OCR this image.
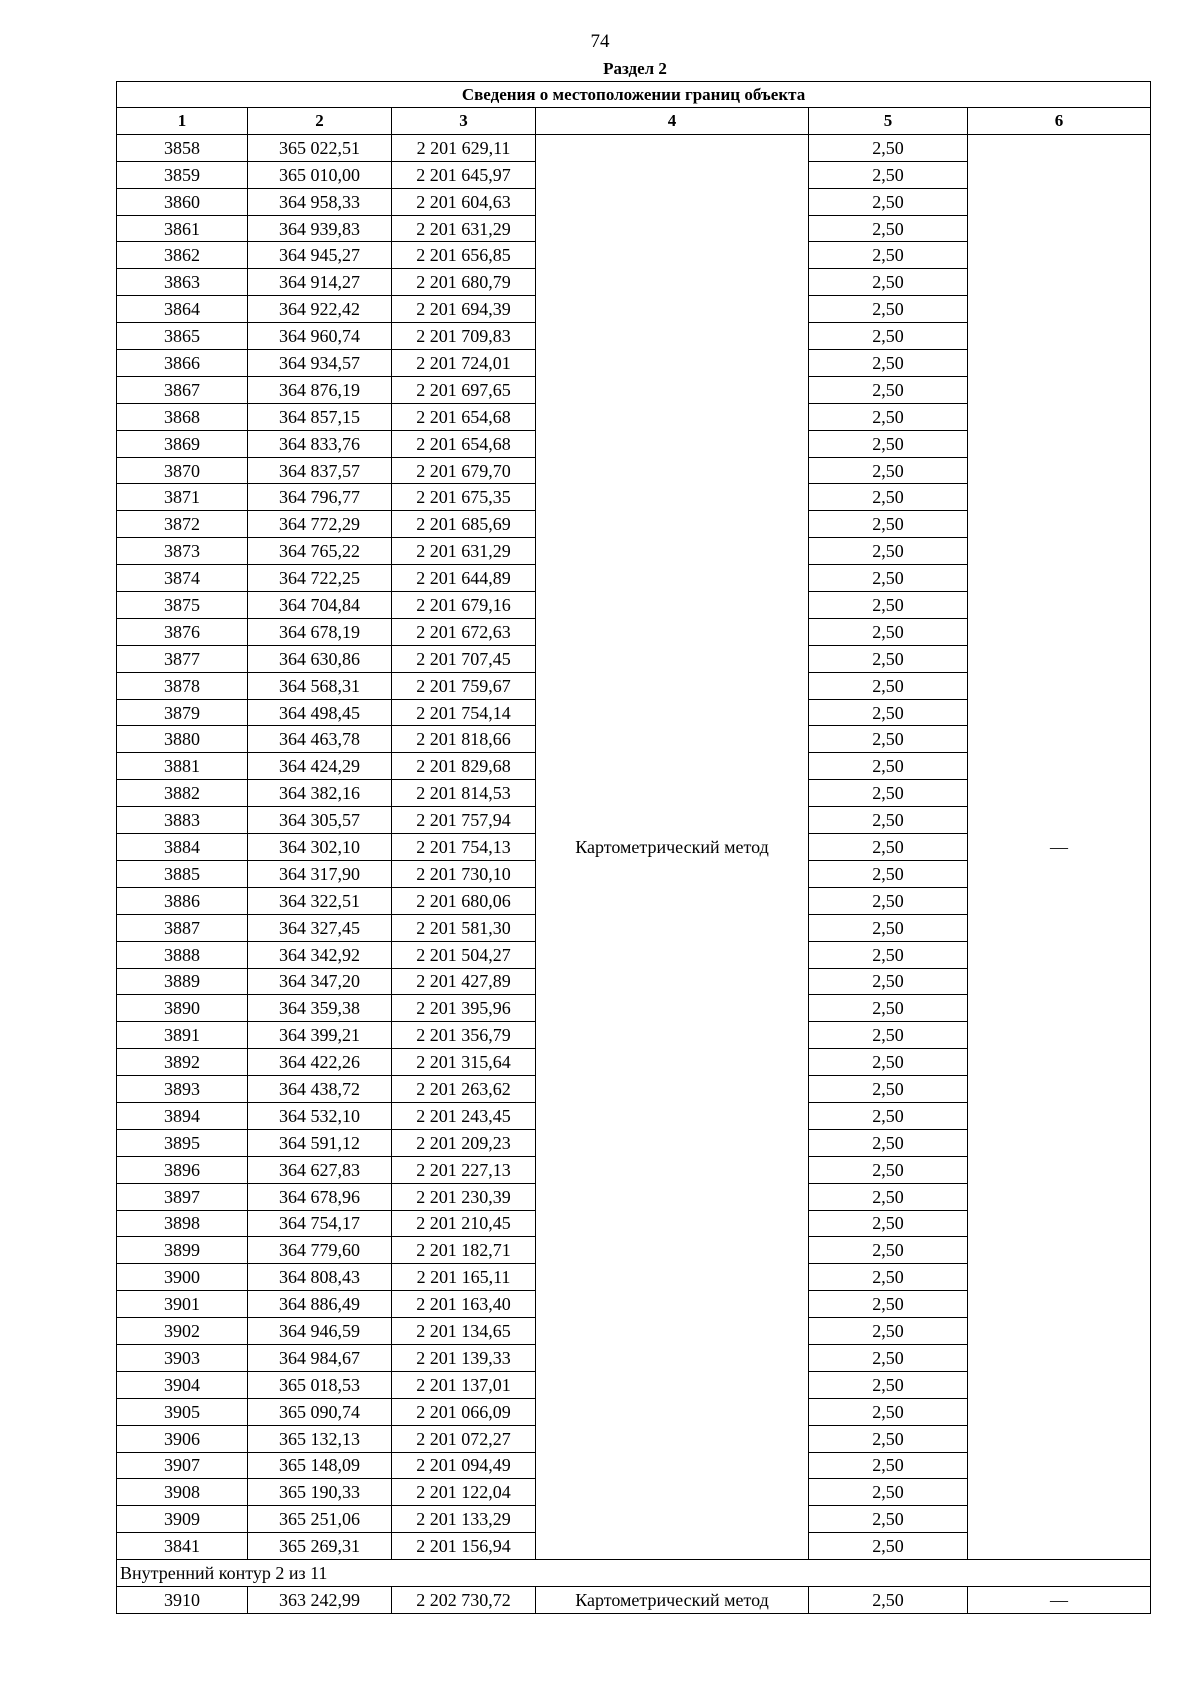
74
Раздел 2
Сведения о местоположении границ объекта					
1	2	3	4	5	6
3858	365 022,51	2 201 629,11	Картометрический метод	2,50	—
3859	365 010,00	2 201 645,97		2,50	
3860	364 958,33	2 201 604,63		2,50	
3861	364 939,83	2 201 631,29		2,50	
3862	364 945,27	2 201 656,85		2,50	
3863	364 914,27	2 201 680,79		2,50	
3864	364 922,42	2 201 694,39		2,50	
3865	364 960,74	2 201 709,83		2,50	
3866	364 934,57	2 201 724,01		2,50	
3867	364 876,19	2 201 697,65		2,50	
3868	364 857,15	2 201 654,68		2,50	
3869	364 833,76	2 201 654,68		2,50	
3870	364 837,57	2 201 679,70		2,50	
3871	364 796,77	2 201 675,35		2,50	
3872	364 772,29	2 201 685,69		2,50	
3873	364 765,22	2 201 631,29		2,50	
3874	364 722,25	2 201 644,89		2,50	
3875	364 704,84	2 201 679,16		2,50	
3876	364 678,19	2 201 672,63		2,50	
3877	364 630,86	2 201 707,45		2,50	
3878	364 568,31	2 201 759,67		2,50	
3879	364 498,45	2 201 754,14		2,50	
3880	364 463,78	2 201 818,66		2,50	
3881	364 424,29	2 201 829,68		2,50	
3882	364 382,16	2 201 814,53		2,50	
3883	364 305,57	2 201 757,94		2,50	
3884	364 302,10	2 201 754,13		2,50	
3885	364 317,90	2 201 730,10		2,50	
3886	364 322,51	2 201 680,06		2,50	
3887	364 327,45	2 201 581,30		2,50	
3888	364 342,92	2 201 504,27		2,50	
3889	364 347,20	2 201 427,89		2,50	
3890	364 359,38	2 201 395,96		2,50	
3891	364 399,21	2 201 356,79		2,50	
3892	364 422,26	2 201 315,64		2,50	
3893	364 438,72	2 201 263,62		2,50	
3894	364 532,10	2 201 243,45		2,50	
3895	364 591,12	2 201 209,23		2,50	
3896	364 627,83	2 201 227,13		2,50	
3897	364 678,96	2 201 230,39		2,50	
3898	364 754,17	2 201 210,45		2,50	
3899	364 779,60	2 201 182,71		2,50	
3900	364 808,43	2 201 165,11		2,50	
3901	364 886,49	2 201 163,40		2,50	
3902	364 946,59	2 201 134,65		2,50	
3903	364 984,67	2 201 139,33		2,50	
3904	365 018,53	2 201 137,01		2,50	
3905	365 090,74	2 201 066,09		2,50	
3906	365 132,13	2 201 072,27		2,50	
3907	365 148,09	2 201 094,49		2,50	
3908	365 190,33	2 201 122,04		2,50	
3909	365 251,06	2 201 133,29		2,50	
3841	365 269,31	2 201 156,94		2,50	
Внутренний контур 2 из 11					
3910	363 242,99	2 202 730,72	Картометрический метод	2,50	—
